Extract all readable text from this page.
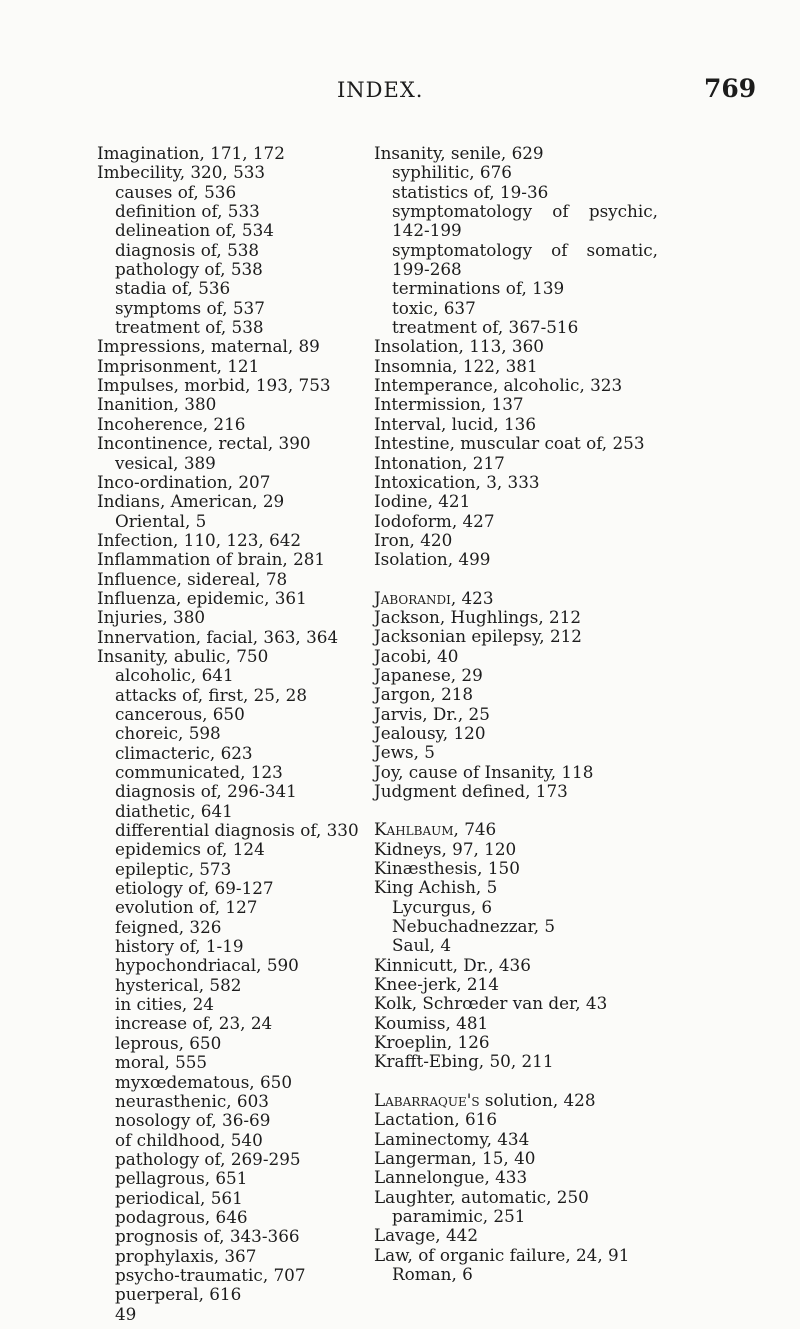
INDEX.	769
Imagination, 171, 172
Imbecility, 320, 533
causes of, 536
definition of, 533
delineation of, 534
diagnosis of, 538
pathology of, 538
stadia of, 536
symptoms of, 537
treatment of, 538
Impressions, maternal, 89
Imprisonment, 121
Impulses, morbid, 193, 753
Inanition, 380
Incoherence, 216
Incontinence, rectal, 390
vesical, 389
Inco-ordination, 207
Indians, American, 29
Oriental, 5
Infection, 110, 123, 642
Inflammation of brain, 281
Influence, sidereal, 78
Influenza, epidemic, 361
Injuries, 380
Innervation, facial, 363, 364
Insanity, abulic, 750
alcoholic, 641
attacks of, first, 25, 28
cancerous, 650
choreic, 598
climacteric, 623
communicated, 123
diagnosis of, 296-341
diathetic, 641
differential diagnosis of, 330
epidemics of, 124
epileptic, 573
etiology of, 69-127
evolution of, 127
feigned, 326
history of, 1-19
hypochondriacal, 590
hysterical, 582
in cities, 24
increase of, 23, 24
leprous, 650
moral, 555
myxœdematous, 650
neurasthenic, 603
nosology of, 36-69
of childhood, 540
pathology of, 269-295
pellagrous, 651
periodical, 561
podagrous, 646
prognosis of, 343-366
prophylaxis, 367
psycho-traumatic, 707
puerperal, 616
49
Insanity, senile, 629
syphilitic, 676
statistics of, 19-36
symptomatology of psychic,
142-199
symptomatology of somatic,
199-268
terminations of, 139
toxic, 637
treatment of, 367-516
Insolation, 113, 360
Insomnia, 122, 381
Intemperance, alcoholic, 323
Intermission, 137
Interval, lucid, 136
Intestine, muscular coat of, 253
Intonation, 217
Intoxication, 3, 333
Iodine, 421
Iodoform, 427
Iron, 420
Isolation, 499
Jaborandi, 423
Jackson, Hughlings, 212
Jacksonian epilepsy, 212
Jacobi, 40
Japanese, 29
Jargon, 218
Jarvis, Dr., 25
Jealousy, 120
Jews, 5
Joy, cause of Insanity, 118
Judgment defined, 173
Kahlbaum, 746
Kidneys, 97, 120
Kinæsthesis, 150
King Achish, 5
Lycurgus, 6
Nebuchadnezzar, 5
Saul, 4
Kinnicutt, Dr., 436
Knee-jerk, 214
Kolk, Schrœder van der, 43
Koumiss, 481
Kroeplin, 126
Krafft-Ebing, 50, 211
Labarraque's solution, 428
Lactation, 616
Laminectomy, 434
Langerman, 15, 40
Lannelongue, 433
Laughter, automatic, 250
paramimic, 251
Lavage, 442
Law, of organic failure, 24, 91
Roman, 6
